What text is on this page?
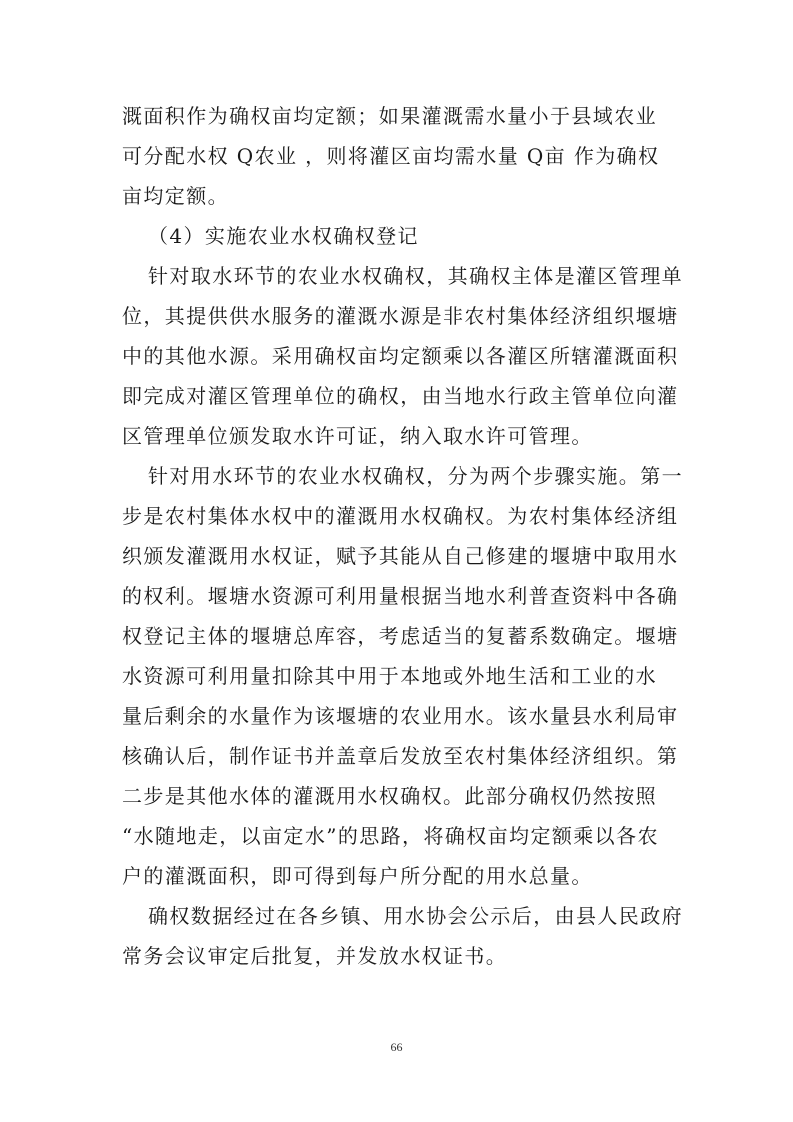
溉面积作为确权亩均定额；如果灌溉需水量小于县域农业
可分配水权 Q农业 ，则将灌区亩均需水量 Q亩 作为确权
亩均定额。
（4）实施农业水权确权登记
针对取水环节的农业水权确权，其确权主体是灌区管理单
位，其提供供水服务的灌溉水源是非农村集体经济组织堰塘
中的其他水源。采用确权亩均定额乘以各灌区所辖灌溉面积
即完成对灌区管理单位的确权，由当地水行政主管单位向灌
区管理单位颁发取水许可证，纳入取水许可管理。
针对用水环节的农业水权确权，分为两个步骤实施。第一
步是农村集体水权中的灌溉用水权确权。为农村集体经济组
织颁发灌溉用水权证，赋予其能从自己修建的堰塘中取用水
的权利。堰塘水资源可利用量根据当地水利普查资料中各确
权登记主体的堰塘总库容，考虑适当的复蓄系数确定。堰塘
水资源可利用量扣除其中用于本地或外地生活和工业的水
量后剩余的水量作为该堰塘的农业用水。该水量县水利局审
核确认后，制作证书并盖章后发放至农村集体经济组织。第
二步是其他水体的灌溉用水权确权。此部分确权仍然按照
“水随地走，以亩定水”的思路，将确权亩均定额乘以各农
户的灌溉面积，即可得到每户所分配的用水总量。
确权数据经过在各乡镇、用水协会公示后，由县人民政府
常务会议审定后批复，并发放水权证书。
66
